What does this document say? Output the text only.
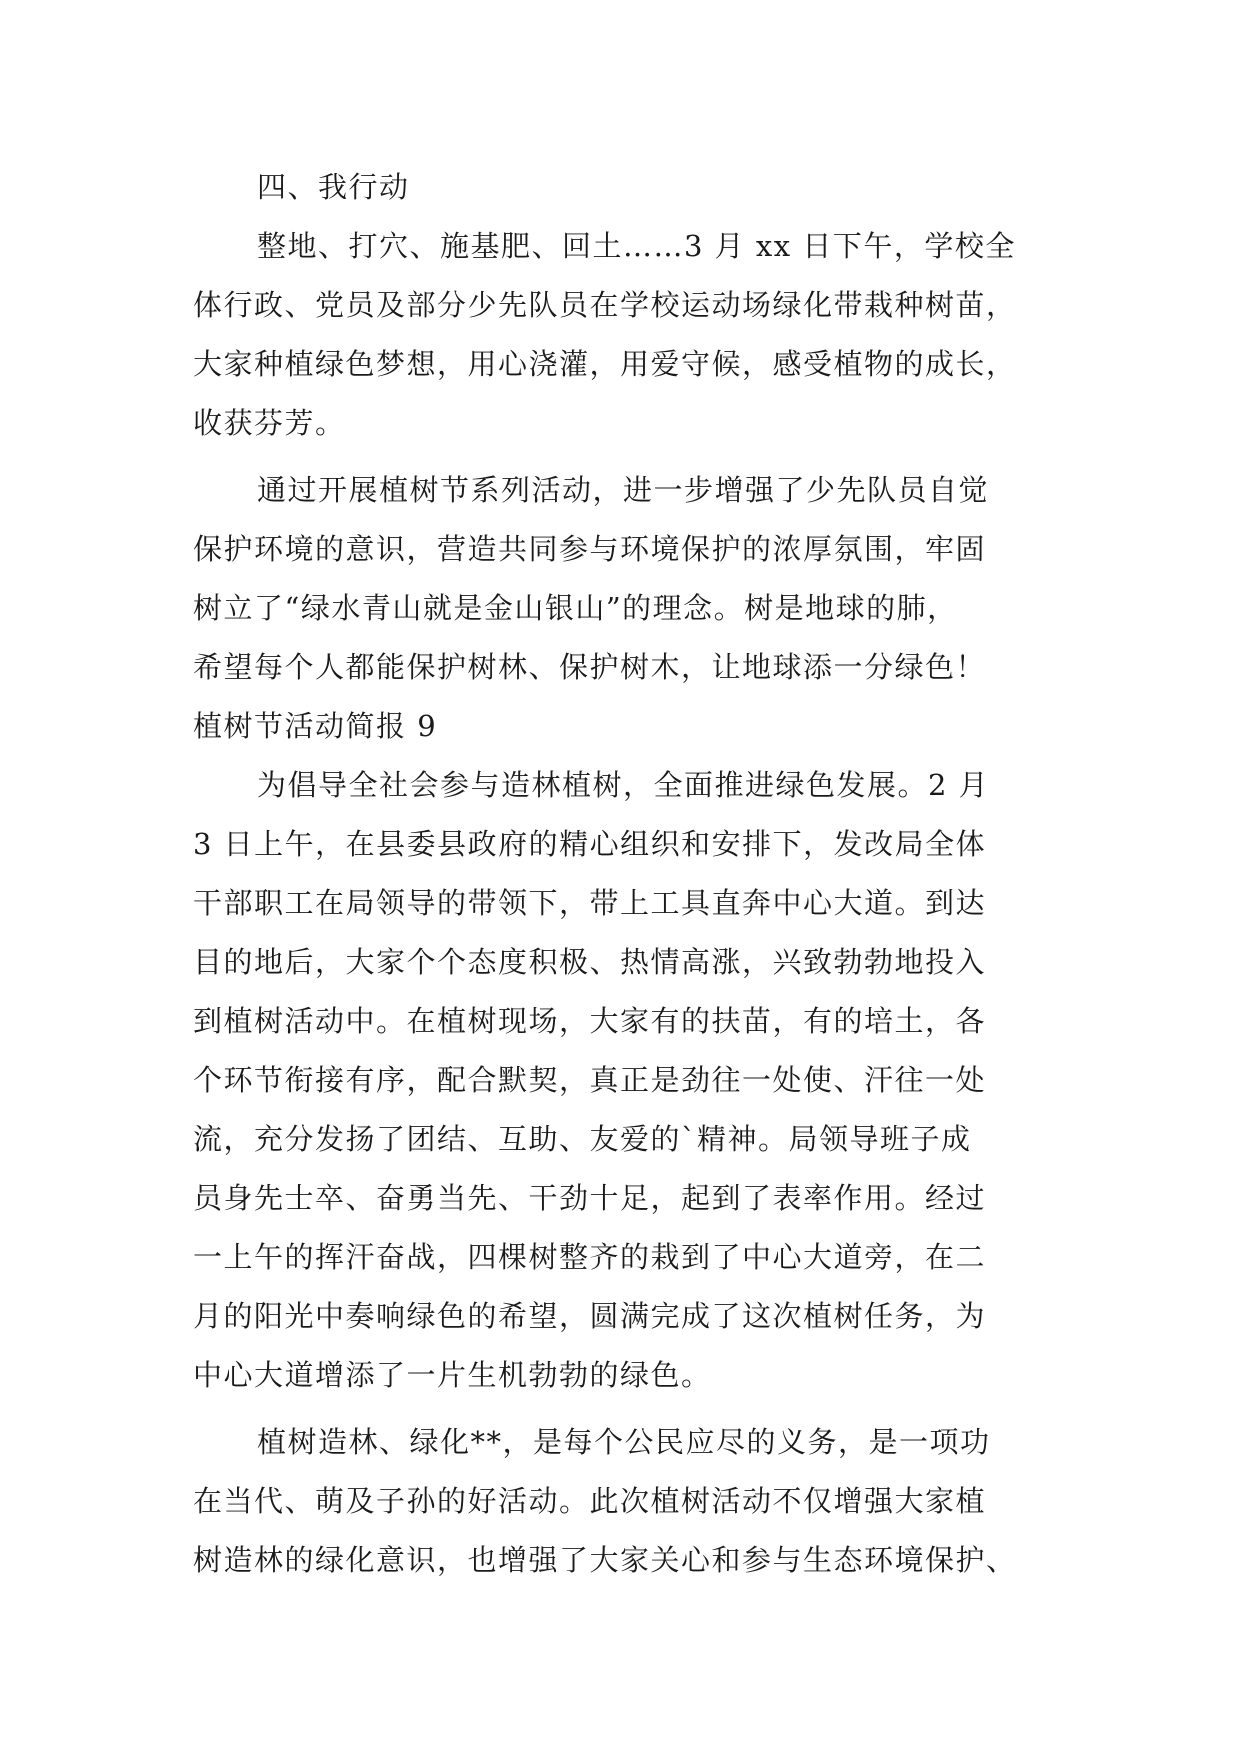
四、我行动
整地、打穴、施基肥、回土……3 月 xx 日下午，学校全
体行政、党员及部分少先队员在学校运动场绿化带栽种树苗，
大家种植绿色梦想，用心浇灌，用爱守候，感受植物的成长，
收获芬芳。
通过开展植树节系列活动，进一步增强了少先队员自觉
保护环境的意识，营造共同参与环境保护的浓厚氛围，牢固
树立了“绿水青山就是金山银山”的理念。树是地球的肺，
希望每个人都能保护树林、保护树木，让地球添一分绿色！
植树节活动简报 9
为倡导全社会参与造林植树，全面推进绿色发展。2 月
3 日上午，在县委县政府的精心组织和安排下，发改局全体
干部职工在局领导的带领下，带上工具直奔中心大道。到达
目的地后，大家个个态度积极、热情高涨，兴致勃勃地投入
到植树活动中。在植树现场，大家有的扶苗，有的培土，各
个环节衔接有序，配合默契，真正是劲往一处使、汗往一处
流，充分发扬了团结、互助、友爱的`精神。局领导班子成
员身先士卒、奋勇当先、干劲十足，起到了表率作用。经过
一上午的挥汗奋战，四棵树整齐的栽到了中心大道旁，在二
月的阳光中奏响绿色的希望，圆满完成了这次植树任务，为
中心大道增添了一片生机勃勃的绿色。
植树造林、绿化**，是每个公民应尽的义务，是一项功
在当代、萌及子孙的好活动。此次植树活动不仅增强大家植
树造林的绿化意识，也增强了大家关心和参与生态环境保护、
